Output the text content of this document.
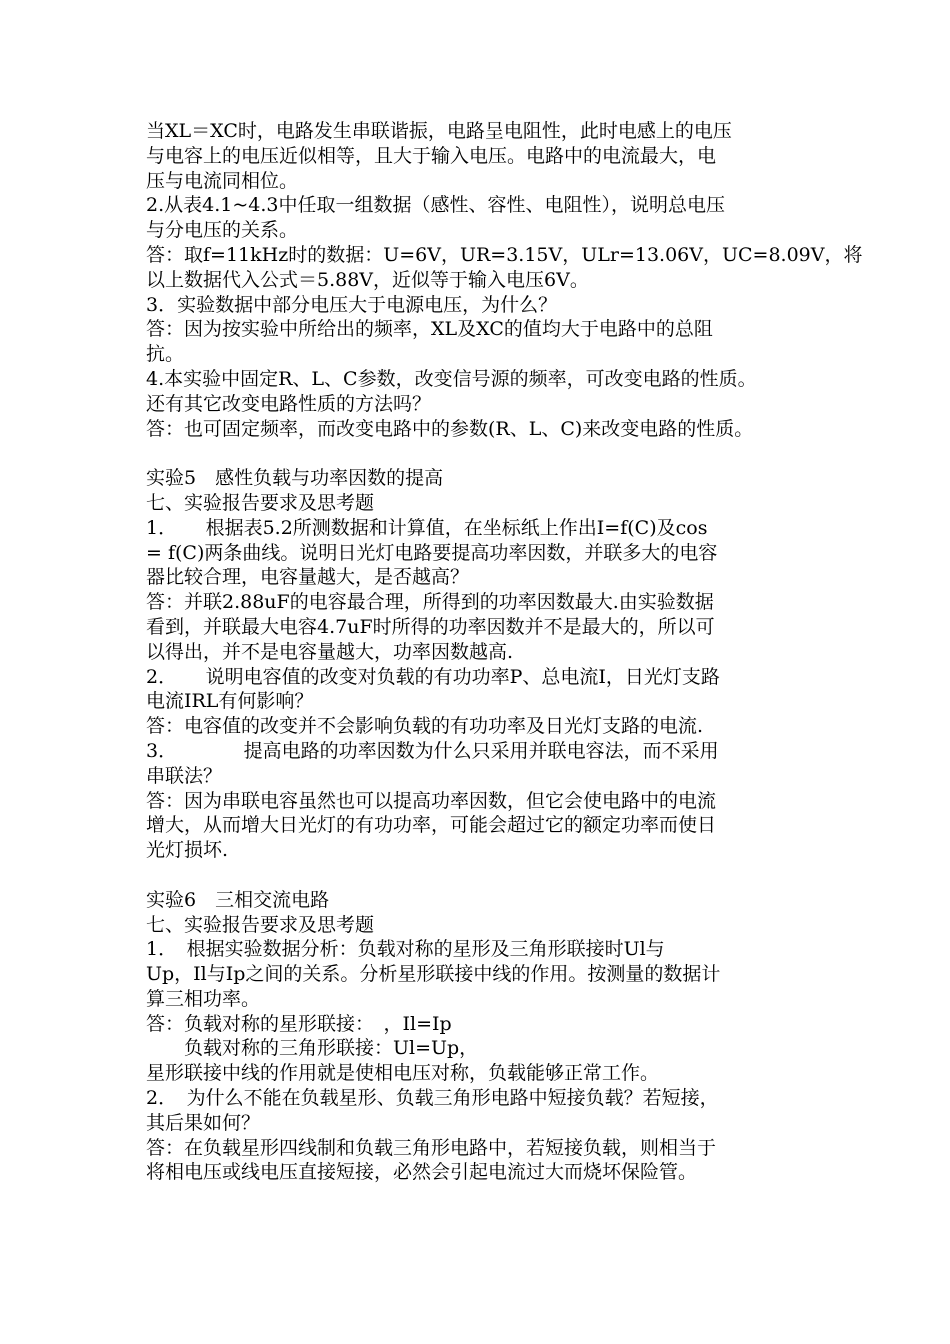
当XL＝XC时，电路发生串联谐振，电路呈电阻性，此时电感上的电压
与电容上的电压近似相等，且大于输入电压。电路中的电流最大，电
压与电流同相位。
2.从表4.1~4.3中任取一组数据（感性、容性、电阻性），说明总电压
与分电压的关系。
答：取f=11kHz时的数据：U=6V，UR=3.15V，ULr=13.06V，UC=8.09V，将
以上数据代入公式＝5.88V，近似等于输入电压6V。
3．实验数据中部分电压大于电源电压，为什么？
答：因为按实验中所给出的频率，XL及XC的值均大于电路中的总阻
抗。
4.本实验中固定R、L、C参数，改变信号源的频率，可改变电路的性质。
还有其它改变电路性质的方法吗？
答：也可固定频率，而改变电路中的参数(R、L、C)来改变电路的性质。
实验5　感性负载与功率因数的提高
七、实验报告要求及思考题
1．　　根据表5.2所测数据和计算值，在坐标纸上作出I=f(C)及cos
= f(C)两条曲线。说明日光灯电路要提高功率因数，并联多大的电容
器比较合理，电容量越大，是否越高？
答：并联2.88uF的电容最合理，所得到的功率因数最大.由实验数据
看到，并联最大电容4.7uF时所得的功率因数并不是最大的，所以可
以得出，并不是电容量越大，功率因数越高.
2．　　说明电容值的改变对负载的有功功率P、总电流I，日光灯支路
电流IRL有何影响？
答：电容值的改变并不会影响负载的有功功率及日光灯支路的电流.
3．　　　　提高电路的功率因数为什么只采用并联电容法，而不采用
串联法？
答：因为串联电容虽然也可以提高功率因数，但它会使电路中的电流
增大，从而增大日光灯的有功功率，可能会超过它的额定功率而使日
光灯损坏.
实验6　三相交流电路
七、实验报告要求及思考题
1．　根据实验数据分析：负载对称的星形及三角形联接时Ul与
Up，Il与Ip之间的关系。分析星形联接中线的作用。按测量的数据计
算三相功率。
答：负载对称的星形联接：　，Il=Ip
　　负载对称的三角形联接：Ul=Up，
星形联接中线的作用就是使相电压对称，负载能够正常工作。
2．　为什么不能在负载星形、负载三角形电路中短接负载？若短接，
其后果如何？
答：在负载星形四线制和负载三角形电路中，若短接负载，则相当于
将相电压或线电压直接短接，必然会引起电流过大而烧坏保险管。
